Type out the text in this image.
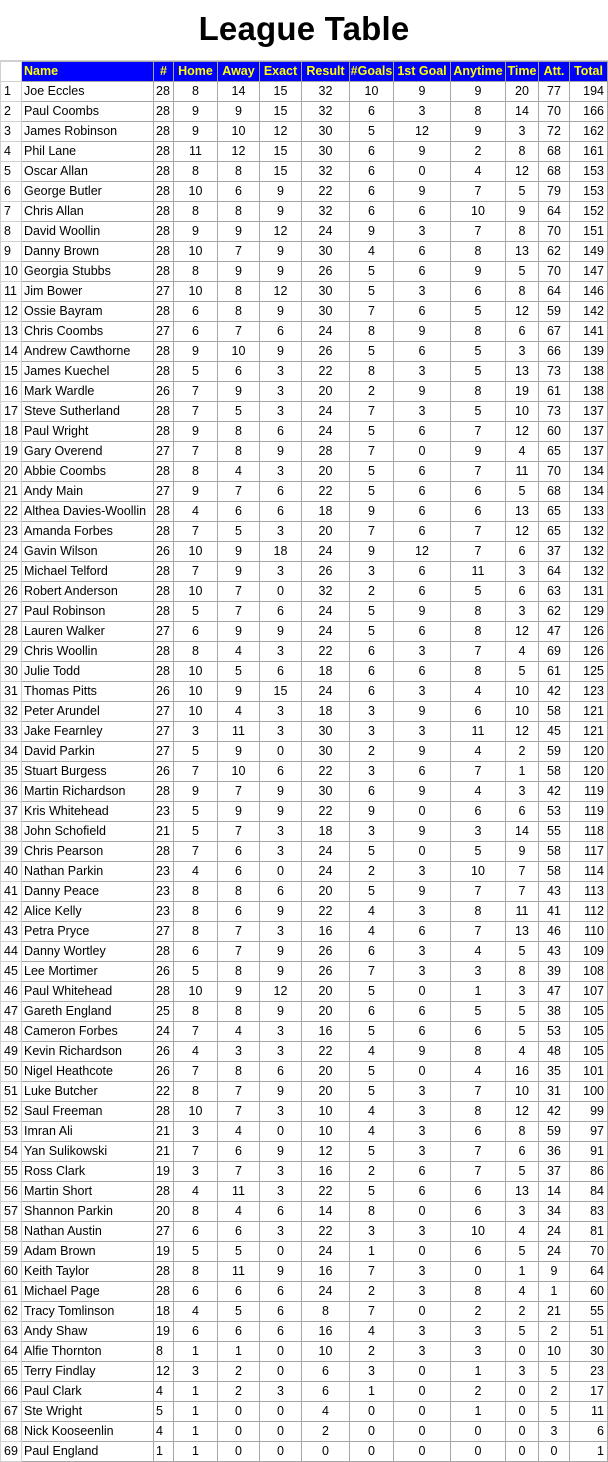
League Table
	Name	#	Home	Away	Exact	Result	#Goals	1st Goal	Anytime	Time	Att.	Total
1	Joe Eccles	28	8	14	15	32	10	9	9	20	77	194
2	Paul Coombs	28	9	9	15	32	6	3	8	14	70	166
3	James Robinson	28	9	10	12	30	5	12	9	3	72	162
4	Phil Lane	28	11	12	15	30	6	9	2	8	68	161
5	Oscar Allan	28	8	8	15	32	6	0	4	12	68	153
6	George Butler	28	10	6	9	22	6	9	7	5	79	153
7	Chris Allan	28	8	8	9	32	6	6	10	9	64	152
8	David Woollin	28	9	9	12	24	9	3	7	8	70	151
9	Danny Brown	28	10	7	9	30	4	6	8	13	62	149
10	Georgia Stubbs	28	8	9	9	26	5	6	9	5	70	147
11	Jim Bower	27	10	8	12	30	5	3	6	8	64	146
12	Ossie Bayram	28	6	8	9	30	7	6	5	12	59	142
13	Chris Coombs	27	6	7	6	24	8	9	8	6	67	141
14	Andrew Cawthorne	28	9	10	9	26	5	6	5	3	66	139
15	James Kuechel	28	5	6	3	22	8	3	5	13	73	138
16	Mark Wardle	26	7	9	3	20	2	9	8	19	61	138
17	Steve Sutherland	28	7	5	3	24	7	3	5	10	73	137
18	Paul Wright	28	9	8	6	24	5	6	7	12	60	137
19	Gary Overend	27	7	8	9	28	7	0	9	4	65	137
20	Abbie Coombs	28	8	4	3	20	5	6	7	11	70	134
21	Andy Main	27	9	7	6	22	5	6	6	5	68	134
22	Althea Davies-Woollin	28	4	6	6	18	9	6	6	13	65	133
23	Amanda Forbes	28	7	5	3	20	7	6	7	12	65	132
24	Gavin Wilson	26	10	9	18	24	9	12	7	6	37	132
25	Michael Telford	28	7	9	3	26	3	6	11	3	64	132
26	Robert Anderson	28	10	7	0	32	2	6	5	6	63	131
27	Paul Robinson	28	5	7	6	24	5	9	8	3	62	129
28	Lauren Walker	27	6	9	9	24	5	6	8	12	47	126
29	Chris Woollin	28	8	4	3	22	6	3	7	4	69	126
30	Julie Todd	28	10	5	6	18	6	6	8	5	61	125
31	Thomas Pitts	26	10	9	15	24	6	3	4	10	42	123
32	Peter Arundel	27	10	4	3	18	3	9	6	10	58	121
33	Jake Fearnley	27	3	11	3	30	3	3	11	12	45	121
34	David Parkin	27	5	9	0	30	2	9	4	2	59	120
35	Stuart Burgess	26	7	10	6	22	3	6	7	1	58	120
36	Martin Richardson	28	9	7	9	30	6	9	4	3	42	119
37	Kris Whitehead	23	5	9	9	22	9	0	6	6	53	119
38	John Schofield	21	5	7	3	18	3	9	3	14	55	118
39	Chris Pearson	28	7	6	3	24	5	0	5	9	58	117
40	Nathan Parkin	23	4	6	0	24	2	3	10	7	58	114
41	Danny Peace	23	8	8	6	20	5	9	7	7	43	113
42	Alice Kelly	23	8	6	9	22	4	3	8	11	41	112
43	Petra Pryce	27	8	7	3	16	4	6	7	13	46	110
44	Danny Wortley	28	6	7	9	26	6	3	4	5	43	109
45	Lee Mortimer	26	5	8	9	26	7	3	3	8	39	108
46	Paul Whitehead	28	10	9	12	20	5	0	1	3	47	107
47	Gareth England	25	8	8	9	20	6	6	5	5	38	105
48	Cameron Forbes	24	7	4	3	16	5	6	6	5	53	105
49	Kevin Richardson	26	4	3	3	22	4	9	8	4	48	105
50	Nigel Heathcote	26	7	8	6	20	5	0	4	16	35	101
51	Luke Butcher	22	8	7	9	20	5	3	7	10	31	100
52	Saul Freeman	28	10	7	3	10	4	3	8	12	42	99
53	Imran Ali	21	3	4	0	10	4	3	6	8	59	97
54	Yan Sulikowski	21	7	6	9	12	5	3	7	6	36	91
55	Ross Clark	19	3	7	3	16	2	6	7	5	37	86
56	Martin Short	28	4	11	3	22	5	6	6	13	14	84
57	Shannon Parkin	20	8	4	6	14	8	0	6	3	34	83
58	Nathan Austin	27	6	6	3	22	3	3	10	4	24	81
59	Adam Brown	19	5	5	0	24	1	0	6	5	24	70
60	Keith Taylor	28	8	11	9	16	7	3	0	1	9	64
61	Michael Page	28	6	6	6	24	2	3	8	4	1	60
62	Tracy Tomlinson	18	4	5	6	8	7	0	2	2	21	55
63	Andy Shaw	19	6	6	6	16	4	3	3	5	2	51
64	Alfie Thornton	8	1	1	0	10	2	3	3	0	10	30
65	Terry Findlay	12	3	2	0	6	3	0	1	3	5	23
66	Paul Clark	4	1	2	3	6	1	0	2	0	2	17
67	Ste Wright	5	1	0	0	4	0	0	1	0	5	11
68	Nick Kooseenlin	4	1	0	0	2	0	0	0	0	3	6
69	Paul England	1	1	0	0	0	0	0	0	0	0	1
